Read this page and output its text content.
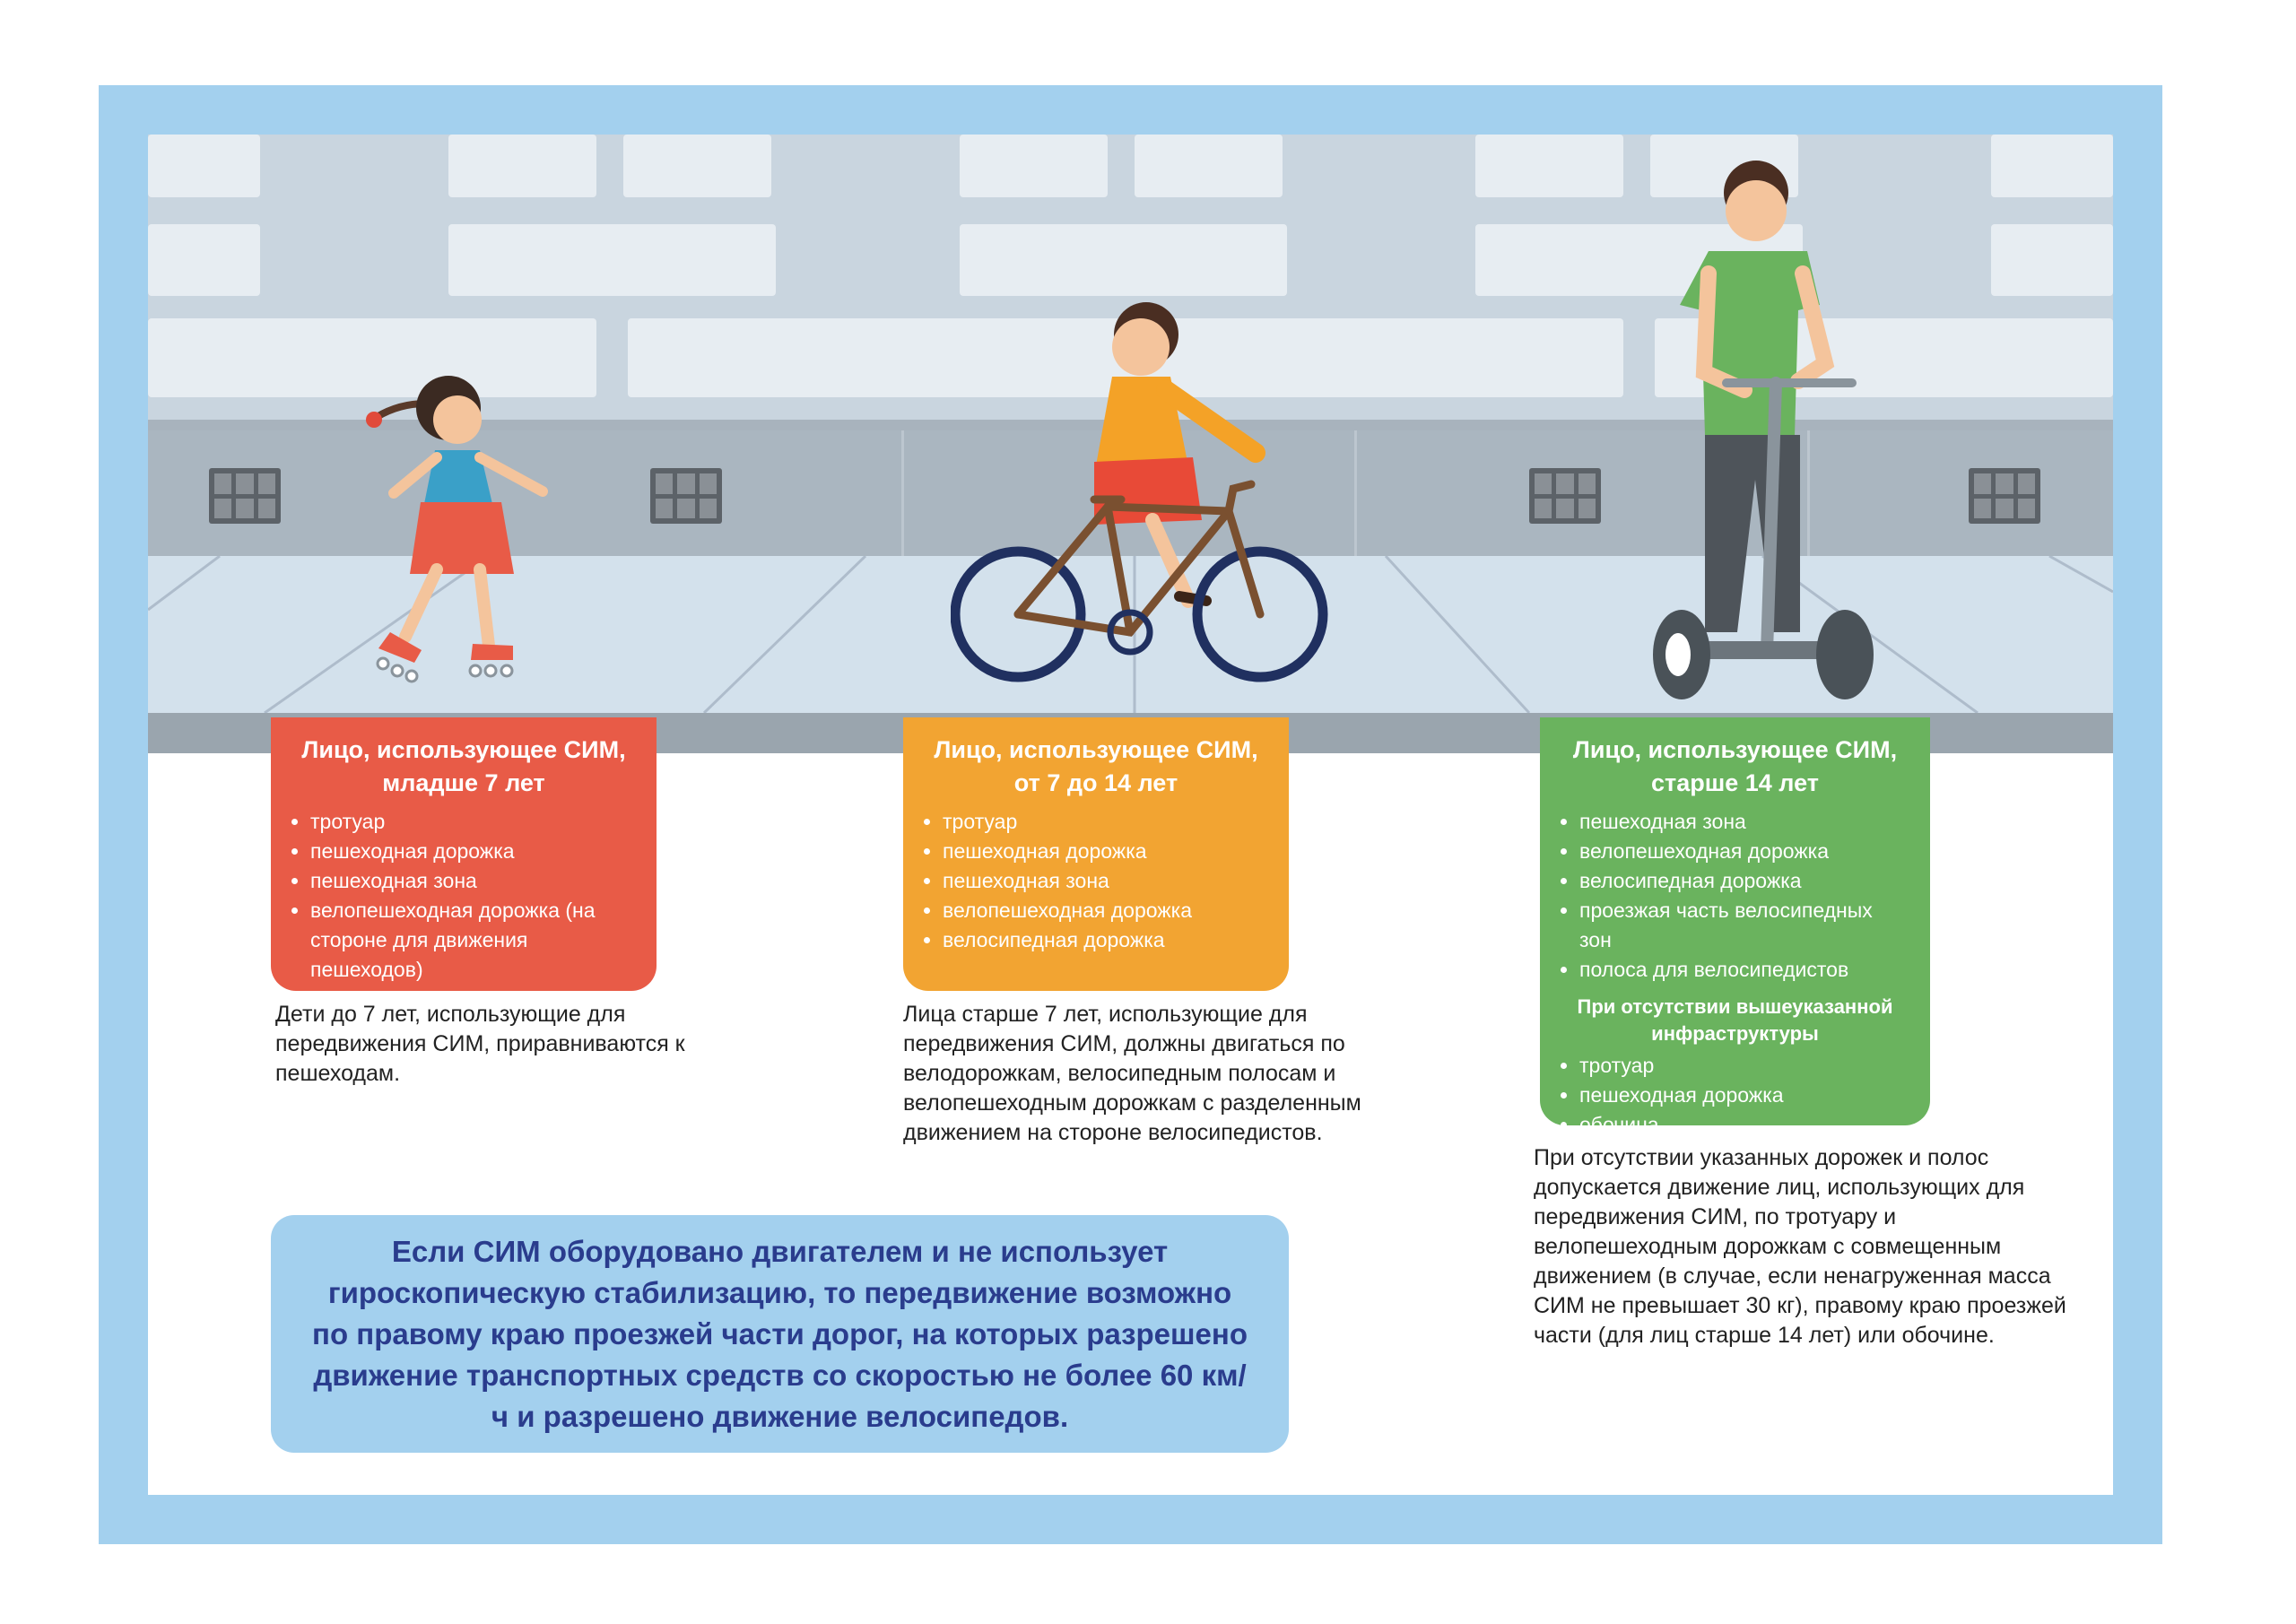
Лицо, использующее СИМ, младше 7 лет
• тротуар
• пешеходная дорожка
• пешеходная зона
• велопешеходная дорожка (на стороне для движения пешеходов)
Лицо, использующее СИМ, от 7 до 14 лет
• тротуар
• пешеходная дорожка
• пешеходная зона
• велопешеходная дорожка
• велосипедная дорожка
Лицо, использующее СИМ, старше 14 лет
• пешеходная зона
• велопешеходная дорожка
• велосипедная дорожка
• проезжая часть велосипедных зон
• полоса для велосипедистов
При отсутствии вышеуказанной инфраструктуры
• тротуар
• пешеходная дорожка
• обочина

Дети до 7 лет, использующие для передвижения СИМ, приравниваются к пешеходам.

Лица старше 7 лет, использующие для передвижения СИМ, должны двигаться по велодорожкам, велосипедным полосам и велопешеходным дорожкам с разделенным движением на стороне велосипедистов.

При отсутствии указанных дорожек и полос допускается движение лиц, использующих для передвижения СИМ, по тротуару и велопешеходным дорожкам с совмещенным движением (в случае, если ненагруженная масса СИМ не превышает 30 кг), правому краю проезжей части (для лиц старше 14 лет) или обочине.

Если СИМ оборудовано двигателем и не использует гироскопическую стабилизацию, то передвижение возможно по правому краю проезжей части дорог, на которых разрешено движение транспортных средств со скоростью не более 60 км/ч и разрешено движение велосипедов.
